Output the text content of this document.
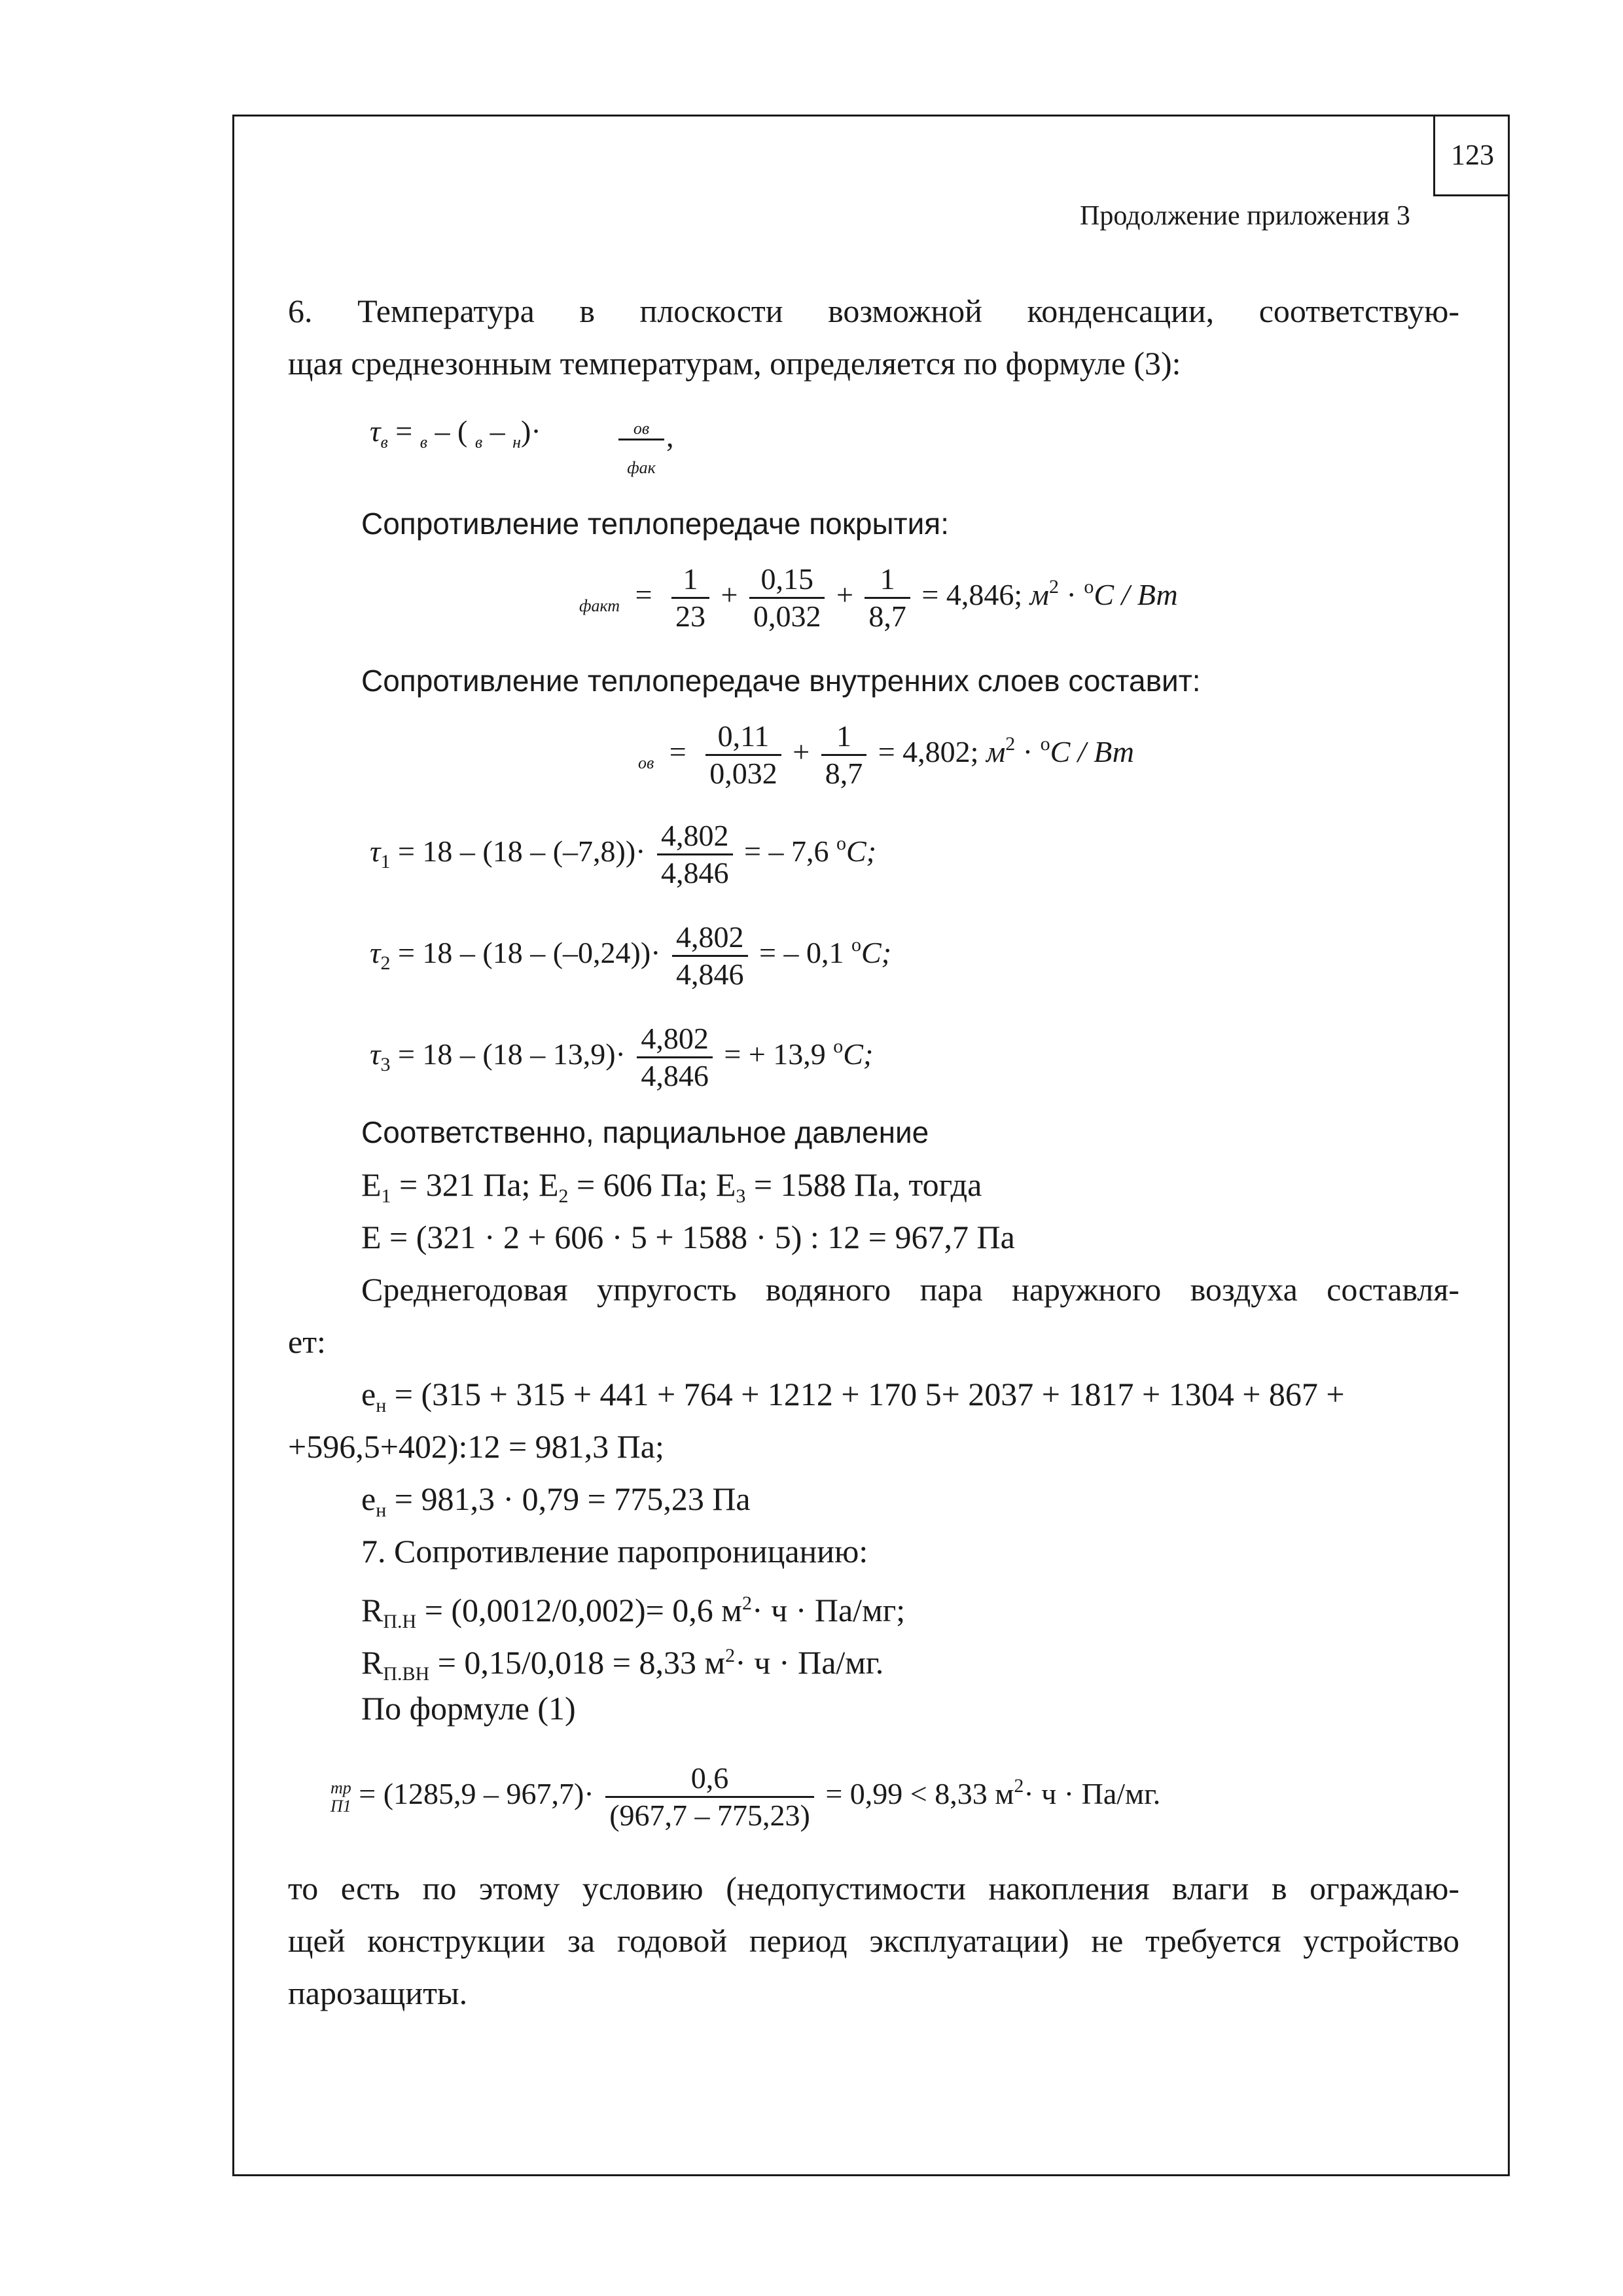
123
Продолжение приложения 3
6. Температура в плоскости возможной конденсации, соответствую-
щая среднезонным температурам, определяется по формуле (3):
$\tau_в = _в$ – ( $_в$ – $_н$)·	ов
фак
,
Сопротивление теплопередаче покрытия:
$_{факт} = \frac{1}{23} + \frac{0,15}{0,032} + \frac{1}{8,7} = 4,846$; $м^2 \cdot ^oС$ / Вт
Сопротивление теплопередаче внутренних слоев составит:
$_{ов} = \frac{0,11}{0,032} + \frac{1}{8,7} = 4,802$; $м^2 \cdot ^oС$ / Вт
$\tau_1 = 18 - (18 - (-7,8))\cdot \frac{4,802}{4,846}$ = – 7,6 $^o$С;
$\tau_2 = 18 - (18 - (-0,24))\cdot \frac{4,802}{4,846}$ = – 0,1 $^o$С;
$\tau_3 = 18 - (18 - 13,9)\cdot \frac{4,802}{4,846}$ = + 13,9 $^o$С;
Соответственно, парциальное давление
$Е_1 = 321$ Па; $Е_2 = 606$ Па; $Е_3 = 1588$ Па, тогда
Е = (321 · 2 + 606 · 5 + 1588 · 5) : 12 = 967,7 Па
Среднегодовая упругость водяного пара наружного воздуха составля-
ет:
$е_н = (315 + 315 + 441 + 764 + 1212 + 170$ 5+ 2037 + 1817 + 1304 + 867 +
+596,5+402):12 = 981,3 Па;
$е_н = 981,3 \cdot 0,79 = 775,23$ Па
7. Сопротивление паропроницанию:
$R_{П.Н} = (0,0012/0,002)= 0,6$ $м^2\cdot ч \cdot Па/мг$;
$R_{П.ВН} = 0,15/0,018 = 8,33$ $м^2\cdot ч \cdot Па/мг$.
По формуле (1)
тр
$П1 = (1285,9 - 967,7)\cdot \frac{0,6}{(967,7 - 775,23)} = 0,99 < 8,33$ $м^2\cdot ч \cdot Па/мг$.
то есть по этому условию (недопустимости накопления влаги в ограждаю-
щей конструкции за годовой период эксплуатации) не требуется устройство
парозащиты.
